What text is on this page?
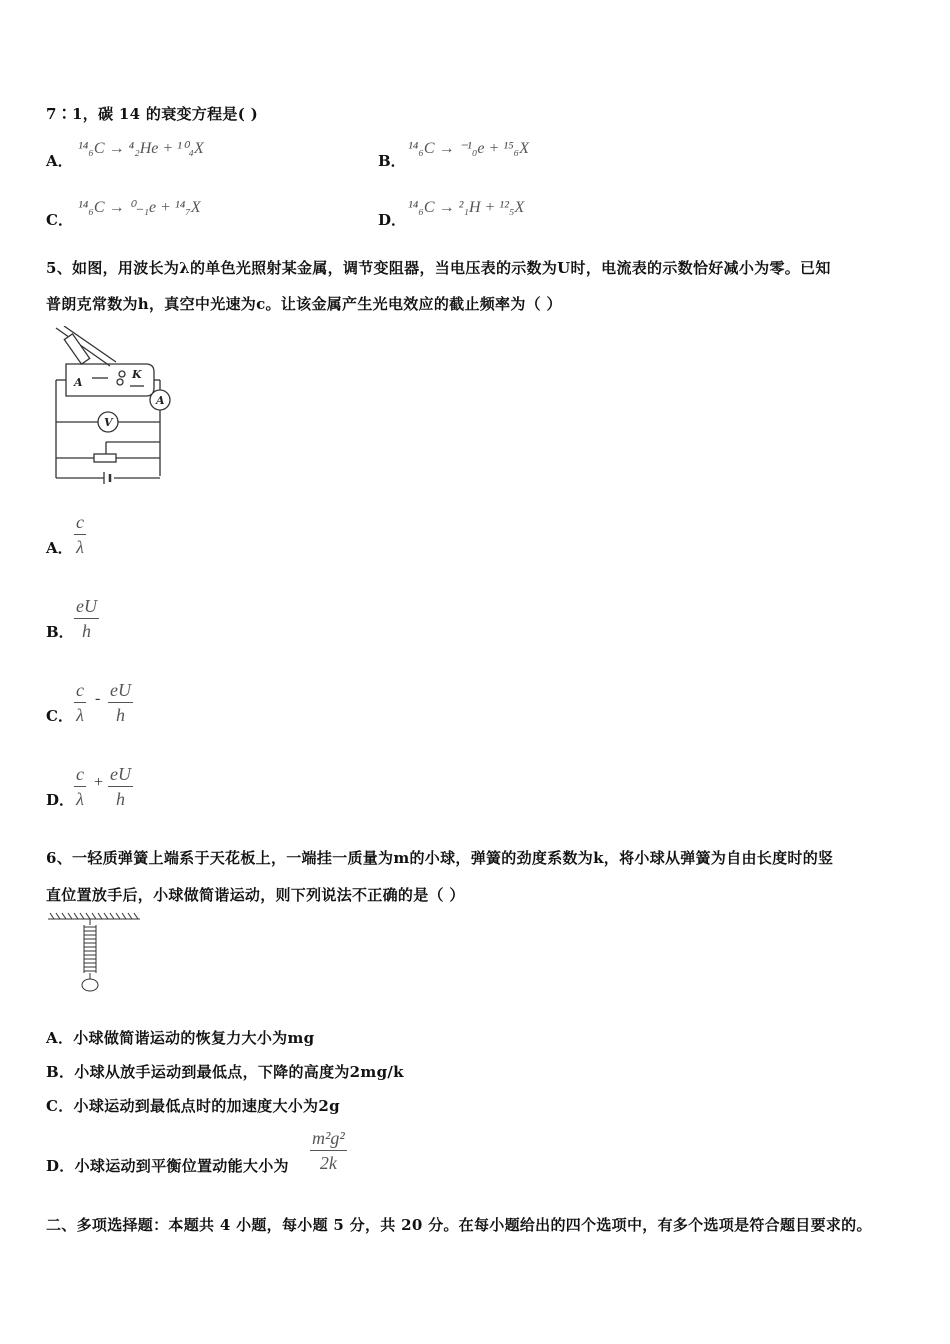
7∶1，碳 14 的衰变方程是( )
A．
¹⁴₆C → ⁴₂He + ¹⁰₄X
B．
¹⁴₆C → ⁻¹₀e + ¹⁵₆X
C．
¹⁴₆C → ⁰₋₁e + ¹⁴₇X
D．
¹⁴₆C → ²₁H + ¹²₅X
5、如图，用波长为λ的单色光照射某金属，调节变阻器，当电压表的示数为U时，电流表的示数恰好减小为零。已知
普朗克常数为h，真空中光速为c。让该金属产生光电效应的截止频率为（ ）
A
K
A
V
A． $\frac{c}{\lambda}$
B． $\frac{eU}{h}$
C． $\frac{c}{\lambda} - \frac{eU}{h}$
D． $\frac{c}{\lambda} + \frac{eU}{h}$
6、一轻质弹簧上端系于天花板上，一端挂一质量为m的小球，弹簧的劲度系数为k，将小球从弹簧为自由长度时的竖
直位置放手后，小球做简谐运动，则下列说法不正确的是（ ）
A．小球做简谐运动的恢复力大小为mg
B．小球从放手运动到最低点，下降的高度为2mg/k
C．小球运动到最低点时的加速度大小为2g
D．小球运动到平衡位置动能大小为 $\frac{\text{m²g²}}{2k}$
二、多项选择题：本题共 4 小题，每小题 5 分，共 20 分。在每小题给出的四个选项中，有多个选项是符合题目要求的。
